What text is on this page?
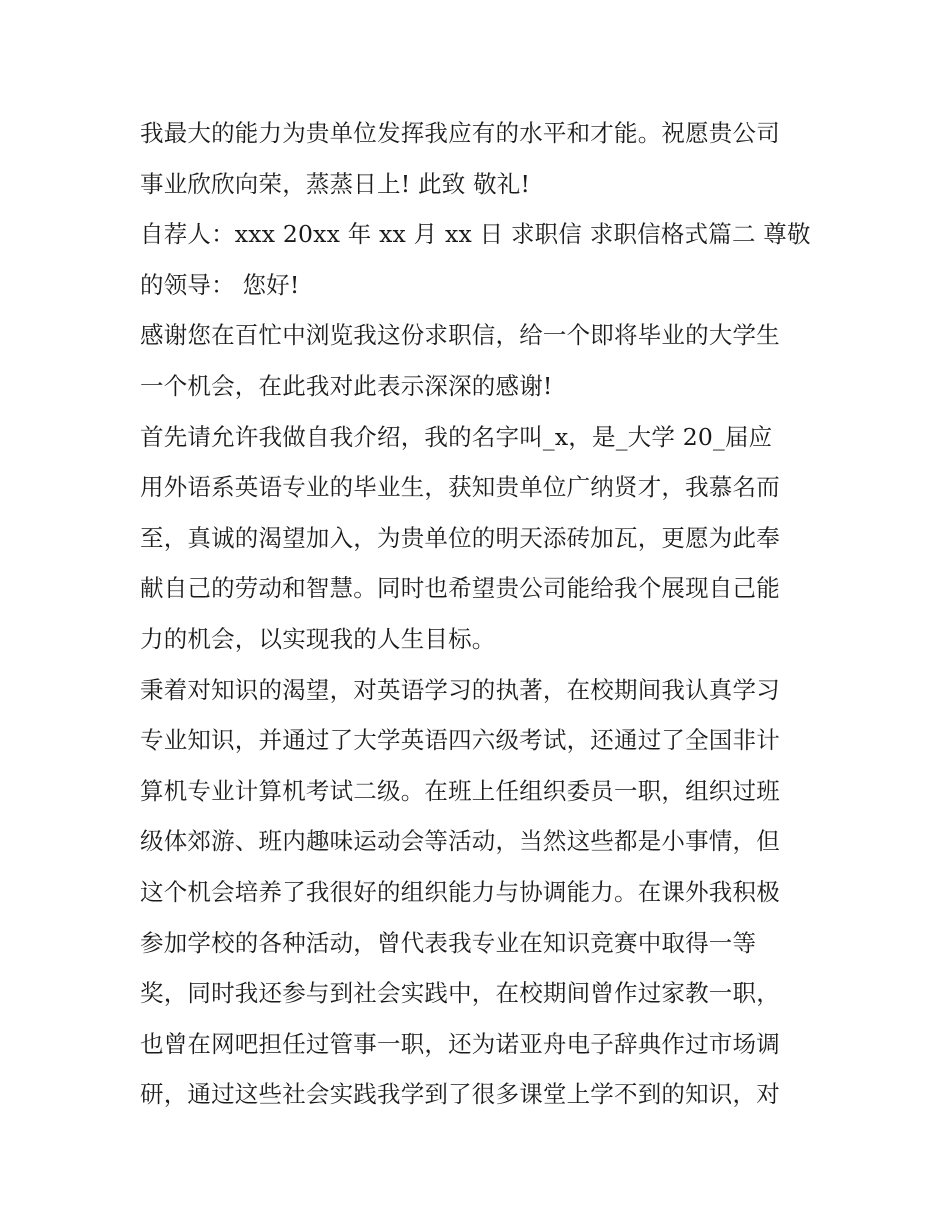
我最大的能力为贵单位发挥我应有的水平和才能。祝愿贵公司
事业欣欣向荣，蒸蒸日上! 此致 敬礼!
自荐人：xxx 20xx 年 xx 月 xx 日 求职信 求职信格式篇二 尊敬
的领导： 您好!
感谢您在百忙中浏览我这份求职信，给一个即将毕业的大学生
一个机会，在此我对此表示深深的感谢!
首先请允许我做自我介绍，我的名字叫_x，是_大学 20_届应
用外语系英语专业的毕业生，获知贵单位广纳贤才，我慕名而
至，真诚的渴望加入，为贵单位的明天添砖加瓦，更愿为此奉
献自己的劳动和智慧。同时也希望贵公司能给我个展现自己能
力的机会，以实现我的人生目标。
秉着对知识的渴望，对英语学习的执著，在校期间我认真学习
专业知识，并通过了大学英语四六级考试，还通过了全国非计
算机专业计算机考试二级。在班上任组织委员一职，组织过班
级体郊游、班内趣味运动会等活动，当然这些都是小事情，但
这个机会培养了我很好的组织能力与协调能力。在课外我积极
参加学校的各种活动，曾代表我专业在知识竞赛中取得一等
奖，同时我还参与到社会实践中，在校期间曾作过家教一职，
也曾在网吧担任过管事一职，还为诺亚舟电子辞典作过市场调
研，通过这些社会实践我学到了很多课堂上学不到的知识，对
